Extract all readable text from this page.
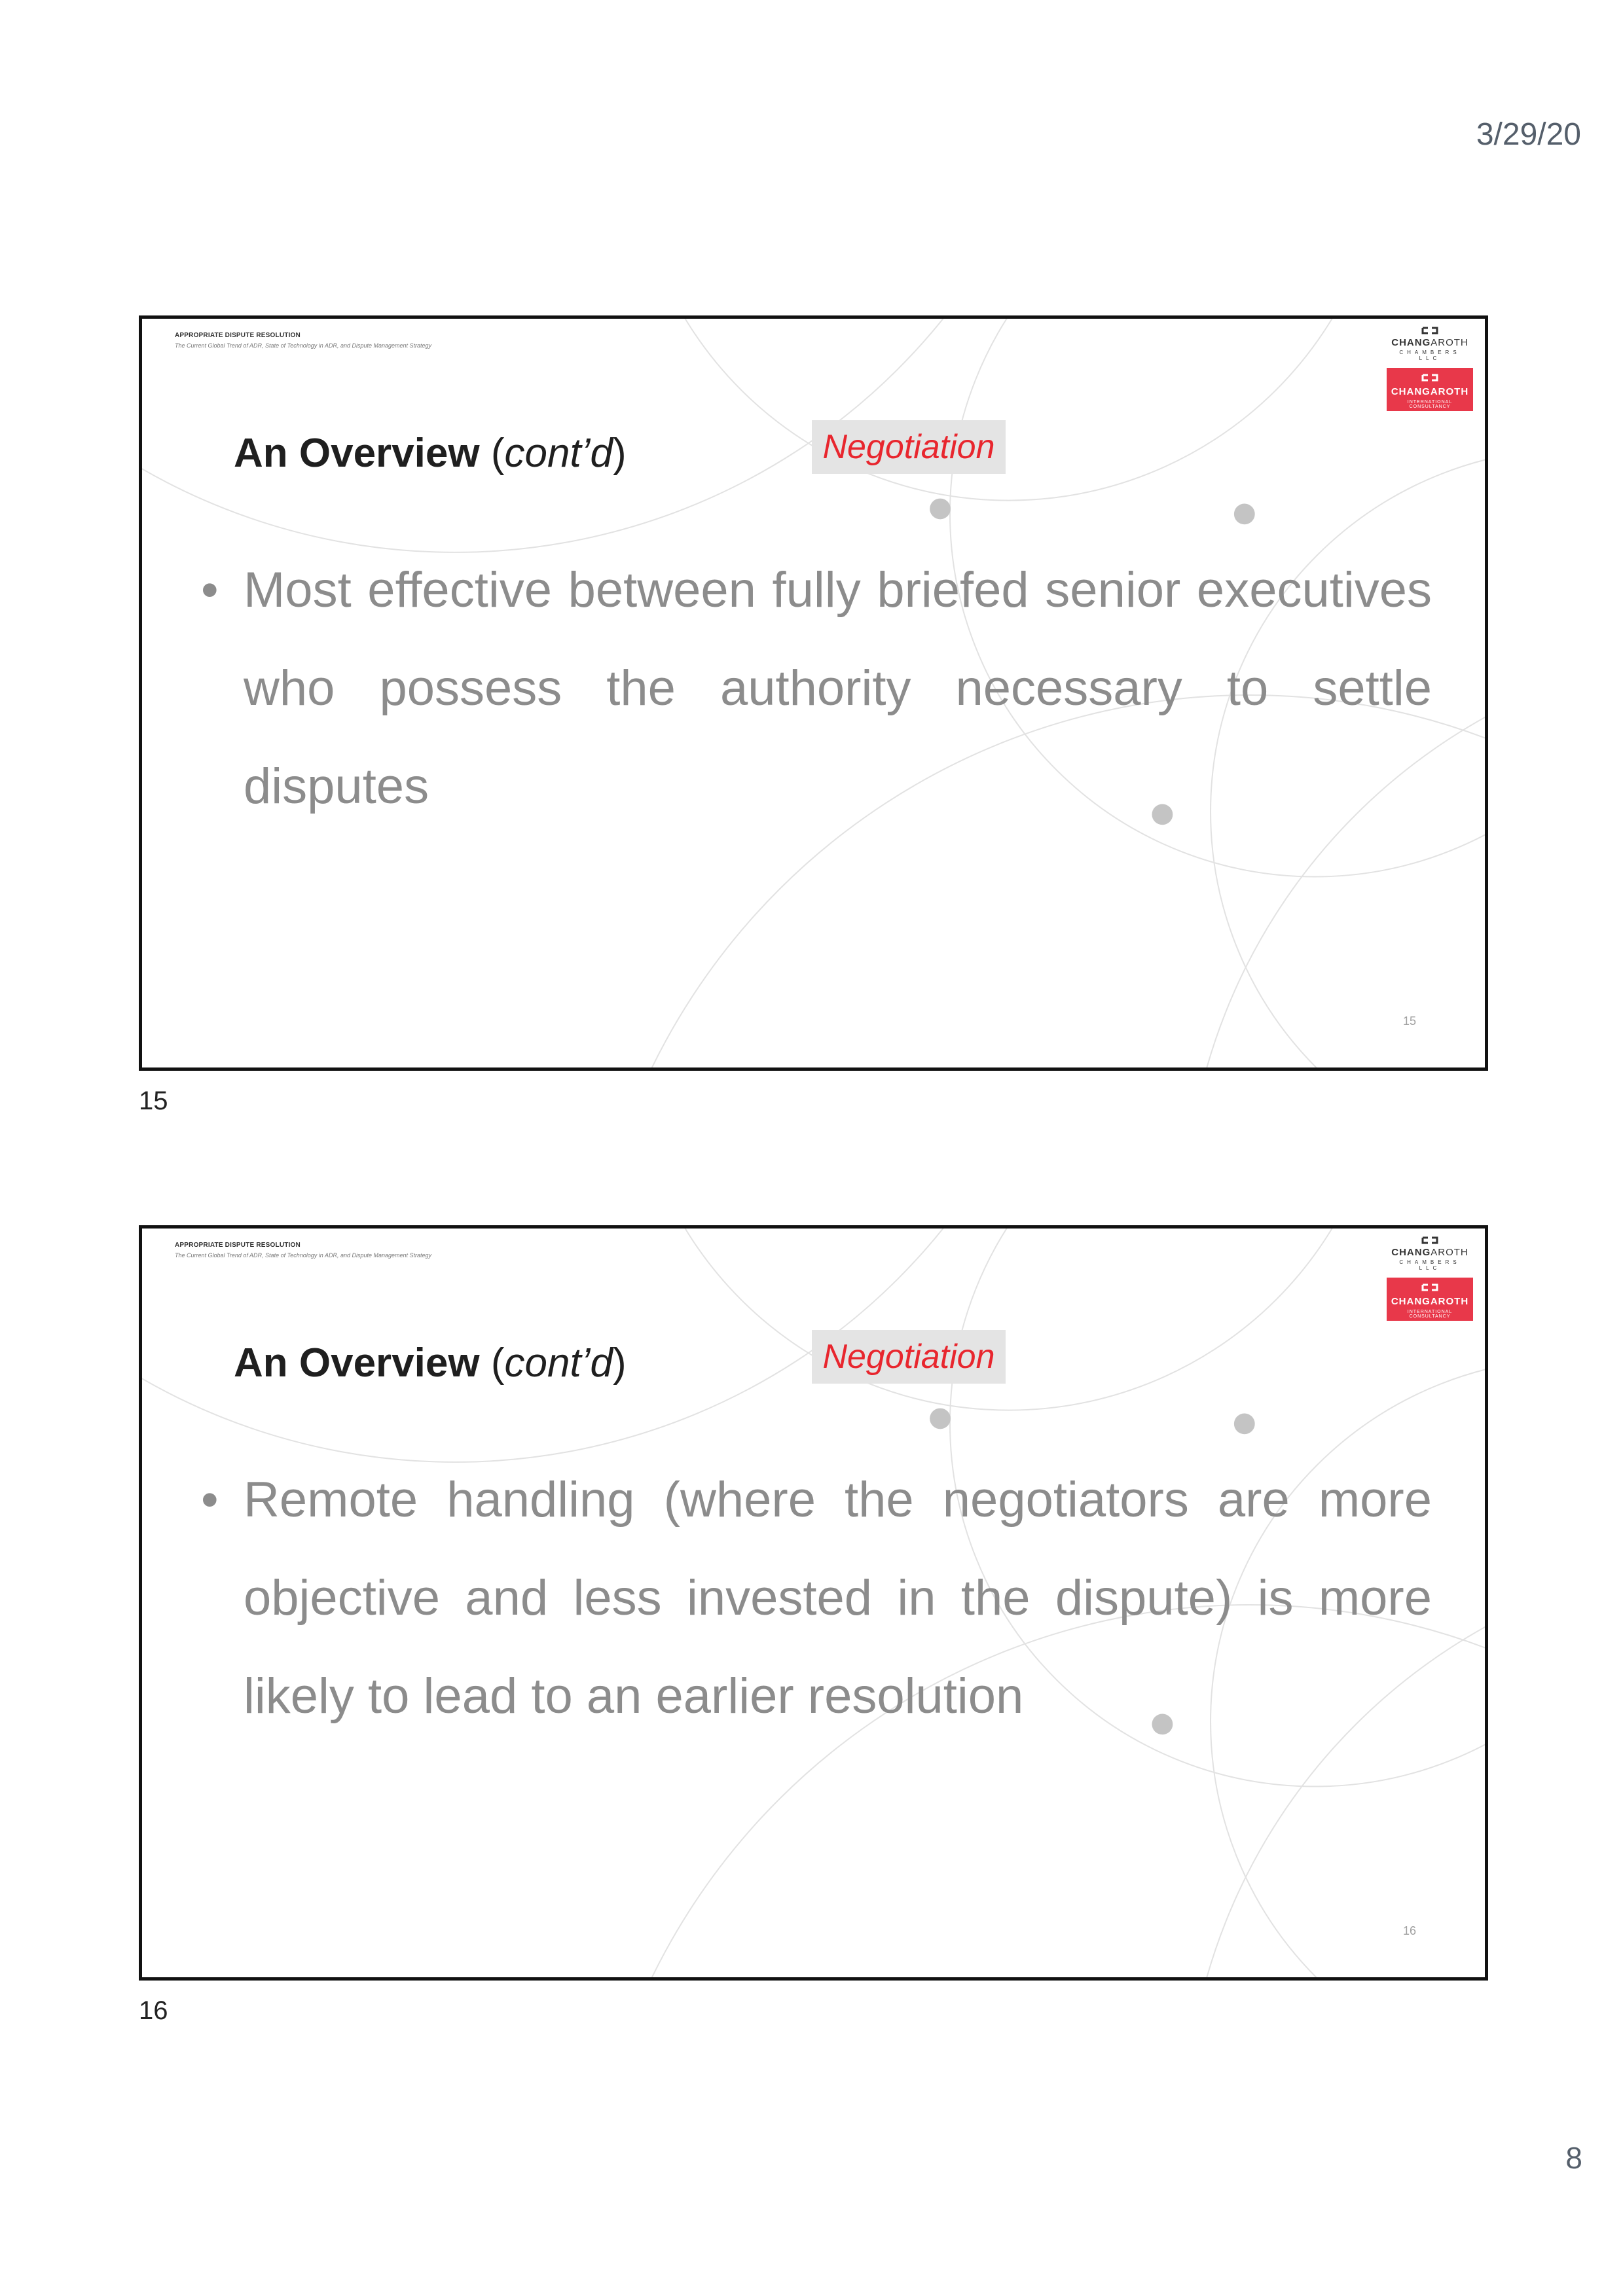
3/29/20
APPROPRIATE DISPUTE RESOLUTION
The Current Global Trend of ADR, State of Technology in ADR, and Dispute Management Strategy	CHANGAROTH
CHAMBERS LLC
CHANGAROTH
INTERNATIONAL CONSULTANCY
An Overview (cont’d)	Negotiation
• Most effective between fully briefed senior executives who possess the authority necessary to settle disputes
15
15
APPROPRIATE DISPUTE RESOLUTION
The Current Global Trend of ADR, State of Technology in ADR, and Dispute Management Strategy	CHANGAROTH
CHAMBERS LLC
CHANGAROTH
INTERNATIONAL CONSULTANCY
An Overview (cont’d)	Negotiation
• Remote handling (where the negotiators are more objective and less invested in the dispute) is more likely to lead to an earlier resolution
16
16
8
